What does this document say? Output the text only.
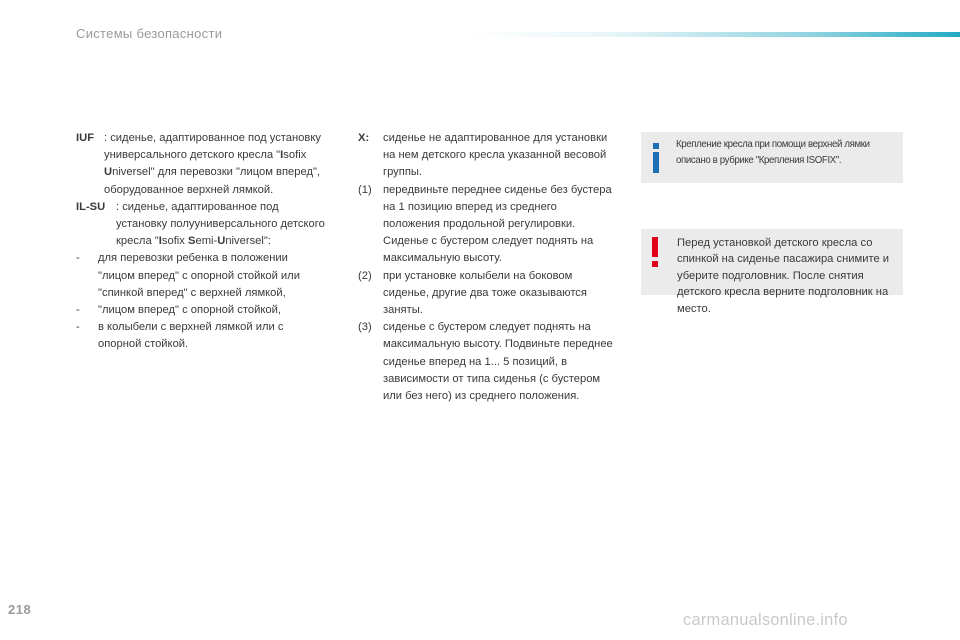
Системы безопасности
IUF : сиденье, адаптированное под установку универсального детского кресла "Isofix Universel" для перевозки "лицом вперед", оборудованное верхней лямкой.
IL-SU : сиденье, адаптированное под установку полууниверсального детского кресла "Isofix Semi-Universel":
- для перевозки ребенка в положении "лицом вперед" с опорной стойкой или "спинкой вперед" с верхней лямкой,
- "лицом вперед" с опорной стойкой,
- в колыбели с верхней лямкой или с опорной стойкой.
X: сиденье не адаптированное для установки на нем детского кресла указанной весовой группы.
(1) передвиньте переднее сиденье без бустера на 1 позицию вперед из среднего положения продольной регулировки. Сиденье с бустером следует поднять на максимальную высоту.
(2) при установке колыбели на боковом сиденье, другие два тоже оказываются заняты.
(3) сиденье с бустером следует поднять на максимальную высоту. Подвиньте переднее сиденье вперед на 1... 5 позиций, в зависимости от типа сиденья (с бустером или без него) из среднего положения.
Крепление кресла при помощи верхней лямки описано в рубрике "Крепления ISOFIX".
Перед установкой детского кресла со спинкой на сиденье пасажира снимите и уберите подголовник. После снятия детского кресла верните подголовник на место.
218
carmanualsonline.info
